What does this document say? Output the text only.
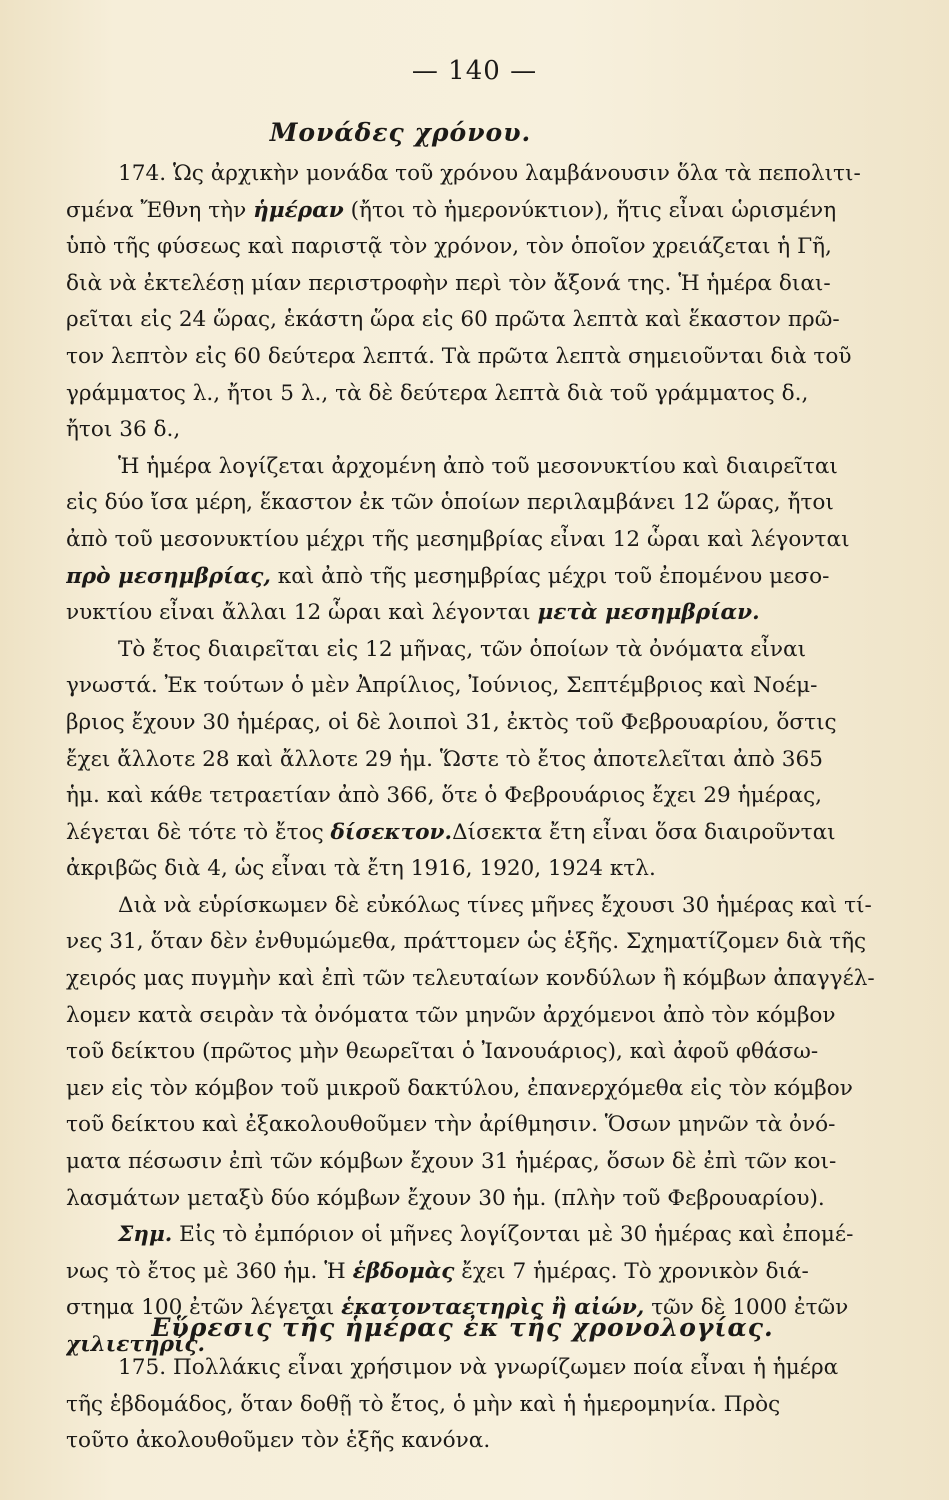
— 140 —
Μονάδες χρόνου.
174. Ὡς ἀρχικὴν μονάδα τοῦ χρόνου λαμβάνουσιν ὅλα τὰ πεπολιτι-
σμένα Ἔθνη τὴν ἡμέραν (ἤτοι τὸ ἡμερονύκτιον), ἥτις εἶναι ὡρισμένη
ὑπὸ τῆς φύσεως καὶ παριστᾷ τὸν χρόνον, τὸν ὁποῖον χρειάζεται ἡ Γῆ,
διὰ νὰ ἐκτελέσῃ μίαν περιστροφὴν περὶ τὸν ἄξονά της. Ἡ ἡμέρα διαι-
ρεῖται εἰς 24 ὥρας, ἑκάστη ὥρα εἰς 60 πρῶτα λεπτὰ καὶ ἕκαστον πρῶ-
τον λεπτὸν εἰς 60 δεύτερα λεπτά. Τὰ πρῶτα λεπτὰ σημειοῦνται διὰ τοῦ
γράμματος λ., ἤτοι 5 λ., τὰ δὲ δεύτερα λεπτὰ διὰ τοῦ γράμματος δ.,
ἤτοι 36 δ.,
Ἡ ἡμέρα λογίζεται ἀρχομένη ἀπὸ τοῦ μεσονυκτίου καὶ διαιρεῖται
εἰς δύο ἴσα μέρη, ἕκαστον ἐκ τῶν ὁποίων περιλαμβάνει 12 ὥρας, ἤτοι
ἀπὸ τοῦ μεσονυκτίου μέχρι τῆς μεσημβρίας εἶναι 12 ὧραι καὶ λέγονται
πρὸ μεσημβρίας, καὶ ἀπὸ τῆς μεσημβρίας μέχρι τοῦ ἐπομένου μεσο-
νυκτίου εἶναι ἄλλαι 12 ὧραι καὶ λέγονται μετὰ μεσημβρίαν.
Τὸ ἔτος διαιρεῖται εἰς 12 μῆνας, τῶν ὁποίων τὰ ὀνόματα εἶναι
γνωστά. Ἐκ τούτων ὁ μὲν Ἀπρίλιος, Ἰούνιος, Σεπτέμβριος καὶ Νοέμ-
βριος ἔχουν 30 ἡμέρας, οἱ δὲ λοιποὶ 31, ἐκτὸς τοῦ Φεβρουαρίου, ὅστις
ἔχει ἄλλοτε 28 καὶ ἄλλοτε 29 ἡμ. Ὥστε τὸ ἔτος ἀποτελεῖται ἀπὸ 365
ἡμ. καὶ κάθε τετραετίαν ἀπὸ 366, ὅτε ὁ Φεβρουάριος ἔχει 29 ἡμέρας,
λέγεται δὲ τότε τὸ ἔτος δίσεκτον.Δίσεκτα ἔτη εἶναι ὅσα διαιροῦνται
ἀκριβῶς διὰ 4, ὡς εἶναι τὰ ἔτη 1916, 1920, 1924 κτλ.
Διὰ νὰ εὑρίσκωμεν δὲ εὐκόλως τίνες μῆνες ἔχουσι 30 ἡμέρας καὶ τί-
νες 31, ὅταν δὲν ἐνθυμώμεθα, πράττομεν ὡς ἑξῆς. Σχηματίζομεν διὰ τῆς
χειρός μας πυγμὴν καὶ ἐπὶ τῶν τελευταίων κονδύλων ἢ κόμβων ἀπαγγέλ-
λομεν κατὰ σειρὰν τὰ ὀνόματα τῶν μηνῶν ἀρχόμενοι ἀπὸ τὸν κόμβον
τοῦ δείκτου (πρῶτος μὴν θεωρεῖται ὁ Ἰανουάριος), καὶ ἀφοῦ φθάσω-
μεν εἰς τὸν κόμβον τοῦ μικροῦ δακτύλου, ἐπανερχόμεθα εἰς τὸν κόμβον
τοῦ δείκτου καὶ ἐξακολουθοῦμεν τὴν ἀρίθμησιν. Ὅσων μηνῶν τὰ ὀνό-
ματα πέσωσιν ἐπὶ τῶν κόμβων ἔχουν 31 ἡμέρας, ὅσων δὲ ἐπὶ τῶν κοι-
λασμάτων μεταξὺ δύο κόμβων ἔχουν 30 ἡμ. (πλὴν τοῦ Φεβρουαρίου).
Σημ. Εἰς τὸ ἐμπόριον οἱ μῆνες λογίζονται μὲ 30 ἡμέρας καὶ ἐπομέ-
νως τὸ ἔτος μὲ 360 ἡμ. Ἡ ἑβδομὰς ἔχει 7 ἡμέρας. Τὸ χρονικὸν διά-
στημα 100 ἐτῶν λέγεται ἑκατονταετηρὶς ἢ αἰών, τῶν δὲ 1000 ἐτῶν
χιλιετηρίς.
Εὕρεσις τῆς ἡμέρας ἐκ τῆς χρονολογίας.
175. Πολλάκις εἶναι χρήσιμον νὰ γνωρίζωμεν ποία εἶναι ἡ ἡμέρα
τῆς ἑβδομάδος, ὅταν δοθῇ τὸ ἔτος, ὁ μὴν καὶ ἡ ἡμερομηνία. Πρὸς
τοῦτο ἀκολουθοῦμεν τὸν ἑξῆς κανόνα.
